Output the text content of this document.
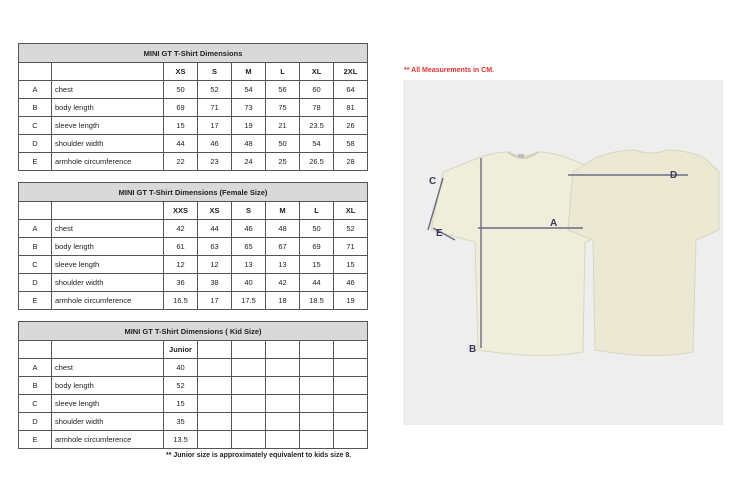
MINI GT T-Shirt Dimensions							
		XS	S	M	L	XL	2XL
A	chest	50	52	54	56	60	64
B	body length	69	71	73	75	78	81
C	sleeve length	15	17	19	21	23.5	26
D	shoulder width	44	46	48	50	54	58
E	armhole circumference	22	23	24	25	26.5	28
MINI GT T-Shirt Dimensions (Female Size)							
		XXS	XS	S	M	L	XL
A	chest	42	44	46	48	50	52
B	body length	61	63	65	67	69	71
C	sleeve length	12	12	13	13	15	15
D	shoulder width	36	38	40	42	44	46
E	armhole circumference	16.5	17	17.5	18	18.5	19
MINI GT T-Shirt Dimensions ( Kid Size)							
		Junior					
A	chest	40					
B	body length	52					
C	sleeve length	15					
D	shoulder width	35					
E	armhole circumference	13.5					
** Junior size is approximately equivalent to kids size 8.
** All Measurements in CM.
A
B
C
D
E
